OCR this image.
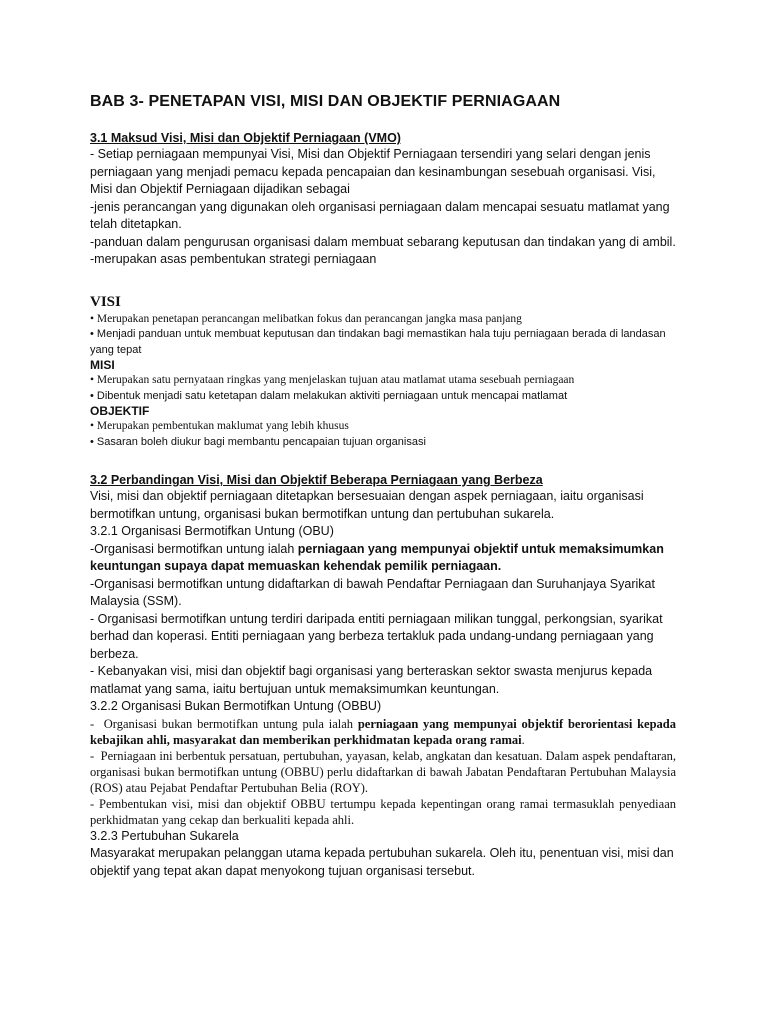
BAB 3- PENETAPAN VISI, MISI DAN OBJEKTIF PERNIAGAAN

3.1 Maksud Visi, Misi dan Objektif Perniagaan (VMO)

- Setiap perniagaan mempunyai Visi, Misi dan Objektif Perniagaan tersendiri yang selari dengan jenis perniagaan yang menjadi pemacu kepada pencapaian dan kesinambungan sesebuah organisasi. Visi, Misi dan Objektif Perniagaan dijadikan sebagai

-jenis perancangan yang digunakan oleh organisasi perniagaan dalam mencapai sesuatu matlamat yang telah ditetapkan.

-panduan dalam pengurusan organisasi dalam membuat sebarang keputusan dan tindakan yang di ambil.

-merupakan asas pembentukan strategi perniagaan

VISI

• Merupakan penetapan perancangan melibatkan fokus dan perancangan jangka masa panjang

• Menjadi panduan untuk membuat keputusan dan tindakan bagi memastikan hala tuju perniagaan berada di landasan yang tepat

MISI

• Merupakan satu pernyataan ringkas yang menjelaskan tujuan atau matlamat utama sesebuah perniagaan

• Dibentuk menjadi satu ketetapan dalam melakukan aktiviti perniagaan untuk mencapai matlamat

OBJEKTIF

• Merupakan pembentukan maklumat yang lebih khusus

• Sasaran boleh diukur bagi membantu pencapaian tujuan organisasi

3.2 Perbandingan Visi, Misi dan Objektif Beberapa Perniagaan yang Berbeza

Visi, misi dan objektif perniagaan ditetapkan bersesuaian dengan aspek perniagaan, iaitu organisasi bermotifkan untung, organisasi bukan bermotifkan untung dan pertubuhan sukarela.

3.2.1 Organisasi Bermotifkan Untung (OBU)

-Organisasi bermotifkan untung ialah perniagaan yang mempunyai objektif untuk memaksimumkan keuntungan supaya dapat memuaskan kehendak pemilik perniagaan.

-Organisasi bermotifkan untung didaftarkan di bawah Pendaftar Perniagaan dan Suruhanjaya Syarikat Malaysia (SSM).

- Organisasi bermotifkan untung terdiri daripada entiti perniagaan milikan tunggal, perkongsian, syarikat berhad dan koperasi. Entiti perniagaan yang berbeza tertakluk pada undang-undang perniagaan yang berbeza.

- Kebanyakan visi, misi dan objektif bagi organisasi yang berteraskan sektor swasta menjurus kepada matlamat yang sama, iaitu bertujuan untuk memaksimumkan keuntungan.

3.2.2 Organisasi Bukan Bermotifkan Untung (OBBU)

-  Organisasi bukan bermotifkan untung pula ialah perniagaan yang mempunyai objektif berorientasi kepada kebajikan ahli, masyarakat dan memberikan perkhidmatan kepada orang ramai.

-  Perniagaan ini berbentuk persatuan, pertubuhan, yayasan, kelab, angkatan dan kesatuan. Dalam aspek pendaftaran, organisasi bukan bermotifkan untung (OBBU) perlu didaftarkan di bawah Jabatan Pendaftaran Pertubuhan Malaysia (ROS) atau Pejabat Pendaftar Pertubuhan Belia (ROY).

- Pembentukan visi, misi dan objektif OBBU tertumpu kepada kepentingan orang ramai termasuklah penyediaan perkhidmatan yang cekap dan berkualiti kepada ahli.

3.2.3 Pertubuhan Sukarela

Masyarakat merupakan pelanggan utama kepada pertubuhan sukarela. Oleh itu, penentuan visi, misi dan objektif yang tepat akan dapat menyokong tujuan organisasi tersebut.
